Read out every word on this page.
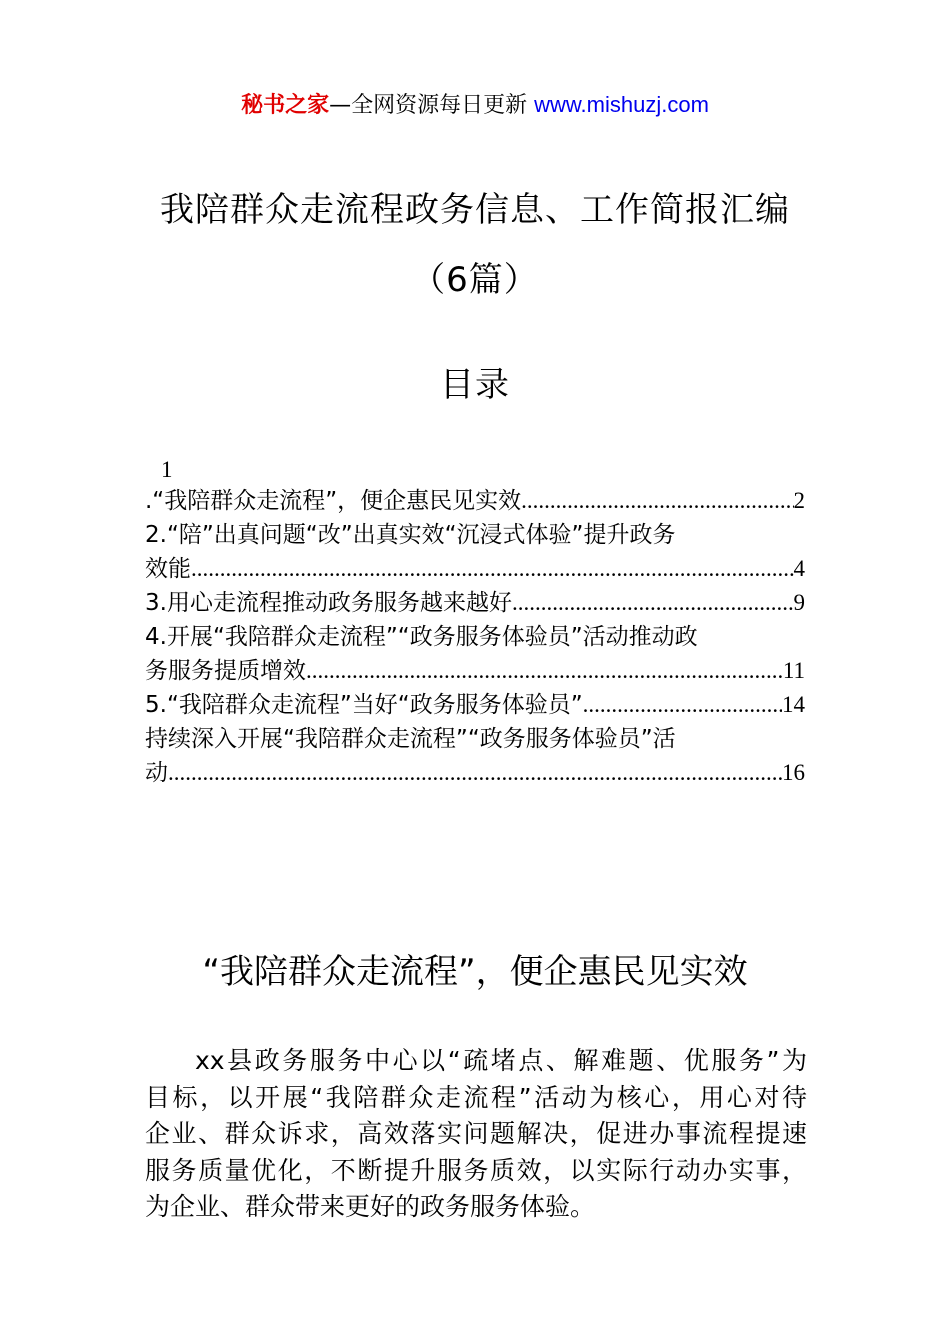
秘书之家—全网资源每日更新 www.mishuzj.com
我陪群众走流程政务信息、工作简报汇编
（6篇）
目录
1
.“我陪群众走流程”，便企惠民见实效 .....	2
2.“陪”出真问题“改”出真实效“沉浸式体验”提升政务
效能 .....	4
3.用心走流程推动政务服务越来越好 .....	9
4.开展“我陪群众走流程”“政务服务体验员”活动推动政
务服务提质增效 .....	11
5.“我陪群众走流程”当好“政务服务体验员” .....	14
持续深入开展“我陪群众走流程”“政务服务体验员”活
动 .....	16
“我陪群众走流程”，便企惠民见实效
xx县政务服务中心以“疏堵点、解难题、优服务”为
目标，以开展“我陪群众走流程”活动为核心，用心对待
企业、群众诉求，高效落实问题解决，促进办事流程提速
服务质量优化，不断提升服务质效，以实际行动办实事，
为企业、群众带来更好的政务服务体验。
